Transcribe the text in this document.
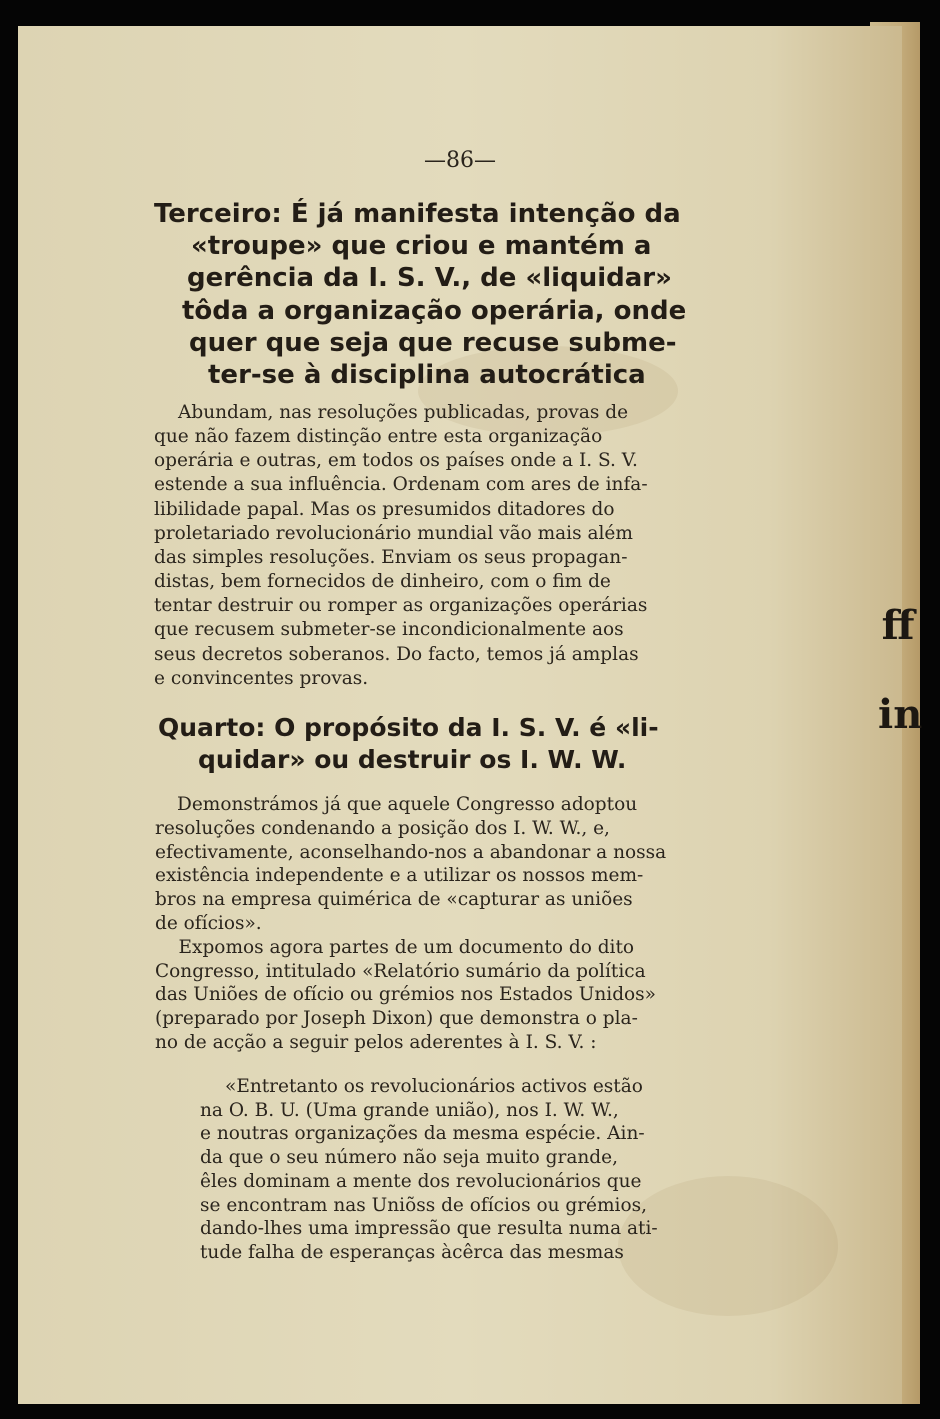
—86—
Terceiro: É já manifesta intenção da
«troupe» que criou e mantém a
gerência da I. S. V., de «liquidar»
tôda a organização operária, onde
quer que seja que recuse subme-
ter-se à disciplina autocrática
Abundam, nas resoluções publicadas, provas de
que não fazem distinção entre esta organização
operária e outras, em todos os países onde a I. S. V.
estende a sua influência. Ordenam com ares de infa-
libilidade papal. Mas os presumidos ditadores do
proletariado revolucionário mundial vão mais além
das simples resoluções. Enviam os seus propagan-
distas, bem fornecidos de dinheiro, com o fim de
tentar destruir ou romper as organizações operárias
que recusem submeter-se incondicionalmente aos
seus decretos soberanos. Do facto, temos já amplas
e convincentes provas.
Quarto: O propósito da I. S. V. é «li-
quidar» ou destruir os I. W. W.
Demonstrámos já que aquele Congresso adoptou
resoluções condenando a posição dos I. W. W., e,
efectivamente, aconselhando-nos a abandonar a nossa
existência independente e a utilizar os nossos mem-
bros na empresa quimérica de «capturar as uniões
de ofícios».
Expomos agora partes de um documento do dito
Congresso, intitulado «Relatório sumário da política
das Uniões de ofício ou grémios nos Estados Unidos»
(preparado por Joseph Dixon) que demonstra o pla-
no de acção a seguir pelos aderentes à I. S. V. :
«Entretanto os revolucionários activos estão
na O. B. U. (Uma grande união), nos I. W. W.,
e noutras organizações da mesma espécie. Ain-
da que o seu número não seja muito grande,
êles dominam a mente dos revolucionários que
se encontram nas Uniõss de ofícios ou grémios,
dando-lhes uma impressão que resulta numa ati-
tude falha de esperanças àcêrca das mesmas
ff
in
